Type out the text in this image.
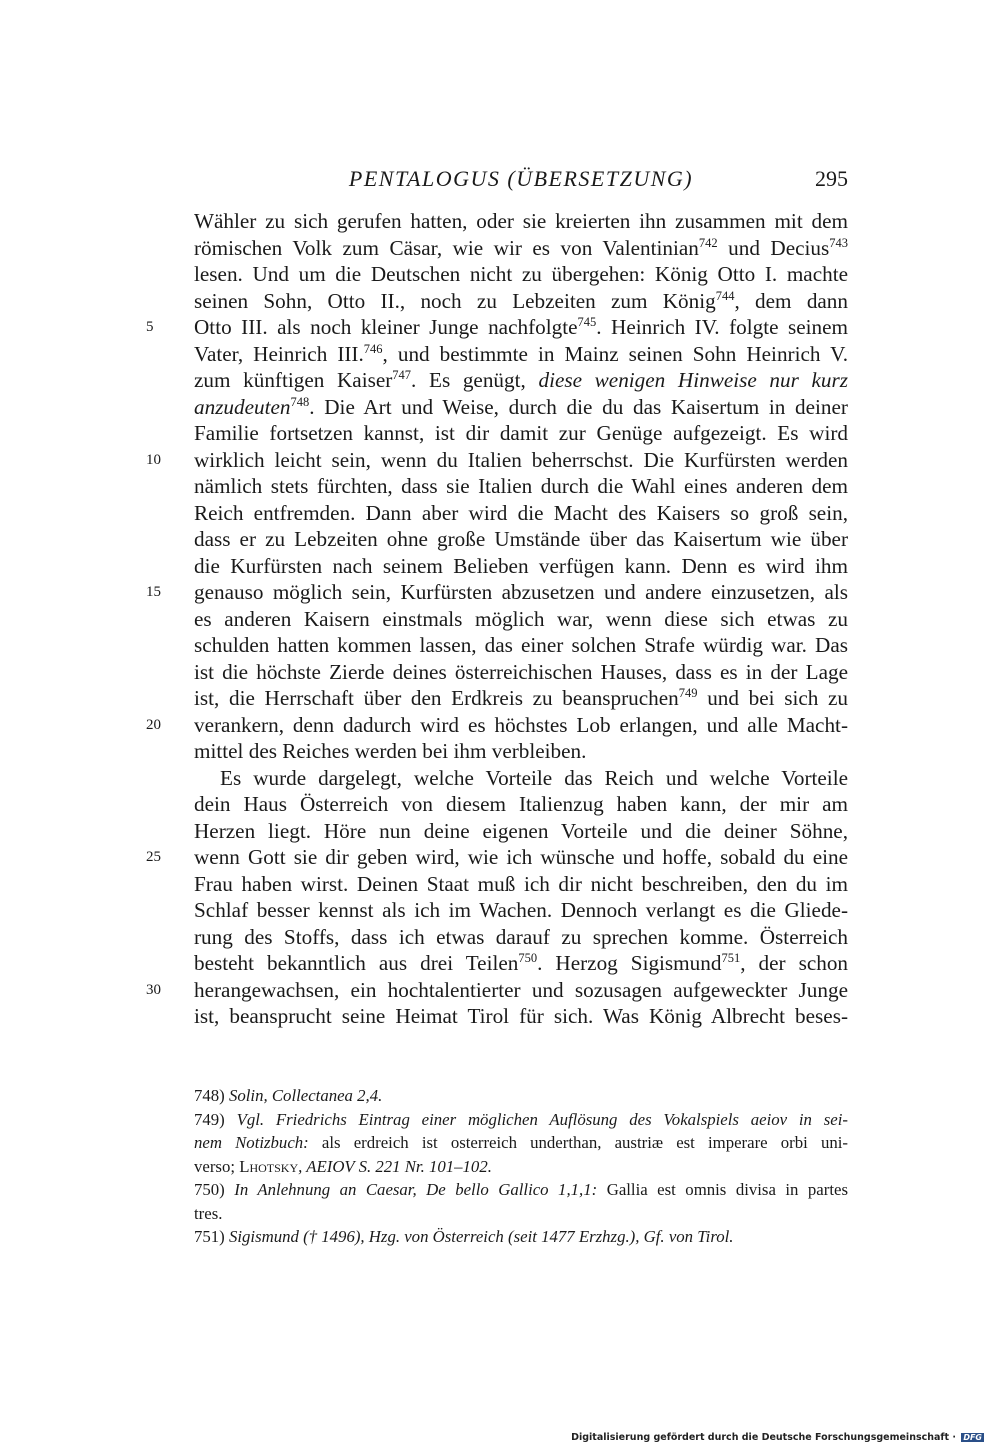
PENTALOGUS (ÜBERSETZUNG)	295
Wähler zu sich gerufen hatten, oder sie kreierten ihn zusammen mit dem
römischen Volk zum Cäsar, wie wir es von Valentinian$^{742}$ und Decius$^{743}$
lesen. Und um die Deutschen nicht zu übergehen: König Otto I. machte
seinen Sohn, Otto II., noch zu Lebzeiten zum König$^{744}$, dem dann
5	Otto III. als noch kleiner Junge nachfolgte$^{745}$. Heinrich IV. folgte seinem
Vater, Heinrich III.$^{746}$, und bestimmte in Mainz seinen Sohn Heinrich V.
zum künftigen Kaiser$^{747}$. Es genügt, diese wenigen Hinweise nur kurz
anzudeuten$^{748}$. Die Art und Weise, durch die du das Kaisertum in deiner
Familie fortsetzen kannst, ist dir damit zur Genüge aufgezeigt. Es wird
10 wirklich leicht sein, wenn du Italien beherrschst. Die Kurfürsten werden
nämlich stets fürchten, dass sie Italien durch die Wahl eines anderen dem
Reich entfremden. Dann aber wird die Macht des Kaisers so groß sein,
dass er zu Lebzeiten ohne große Umstände über das Kaisertum wie über
die Kurfürsten nach seinem Belieben verfügen kann. Denn es wird ihm
15 genauso möglich sein, Kurfürsten abzusetzen und andere einzusetzen, als
es anderen Kaisern einstmals möglich war, wenn diese sich etwas zu
schulden hatten kommen lassen, das einer solchen Strafe würdig war. Das
ist die höchste Zierde deines österreichischen Hauses, dass es in der Lage
ist, die Herrschaft über den Erdkreis zu beanspruchen$^{749}$ und bei sich zu
20 verankern, denn dadurch wird es höchstes Lob erlangen, und alle Macht-
mittel des Reiches werden bei ihm verbleiben.
Es wurde dargelegt, welche Vorteile das Reich und welche Vorteile
dein Haus Österreich von diesem Italienzug haben kann, der mir am
Herzen liegt. Höre nun deine eigenen Vorteile und die deiner Söhne,
25 wenn Gott sie dir geben wird, wie ich wünsche und hoffe, sobald du eine
Frau haben wirst. Deinen Staat muß ich dir nicht beschreiben, den du im
Schlaf besser kennst als ich im Wachen. Dennoch verlangt es die Gliede-
rung des Stoffs, dass ich etwas darauf zu sprechen komme. Österreich
besteht bekanntlich aus drei Teilen$^{750}$. Herzog Sigismund$^{751}$, der schon
30 herangewachsen, ein hochtalentierter und sozusagen aufgeweckter Junge
ist, beansprucht seine Heimat Tirol für sich. Was König Albrecht beses-
748) Solin, Collectanea 2,4.
749) Vgl. Friedrichs Eintrag einer möglichen Auflösung des Vokalspiels aeiov in sei-
nem Notizbuch: als erdreich ist osterreich underthan, austriæ est imperare orbi uni-
verso; Lhotsky, AEIOV S. 221 Nr. 101–102.
750) In Anlehnung an Caesar, De bello Gallico 1,1,1: Gallia est omnis divisa in partes
tres.
751) Sigismund († 1496), Hzg. von Österreich (seit 1477 Erzhzg.), Gf. von Tirol.
Digitalisierung gefördert durch die Deutsche Forschungsgemeinschaft · DFG
